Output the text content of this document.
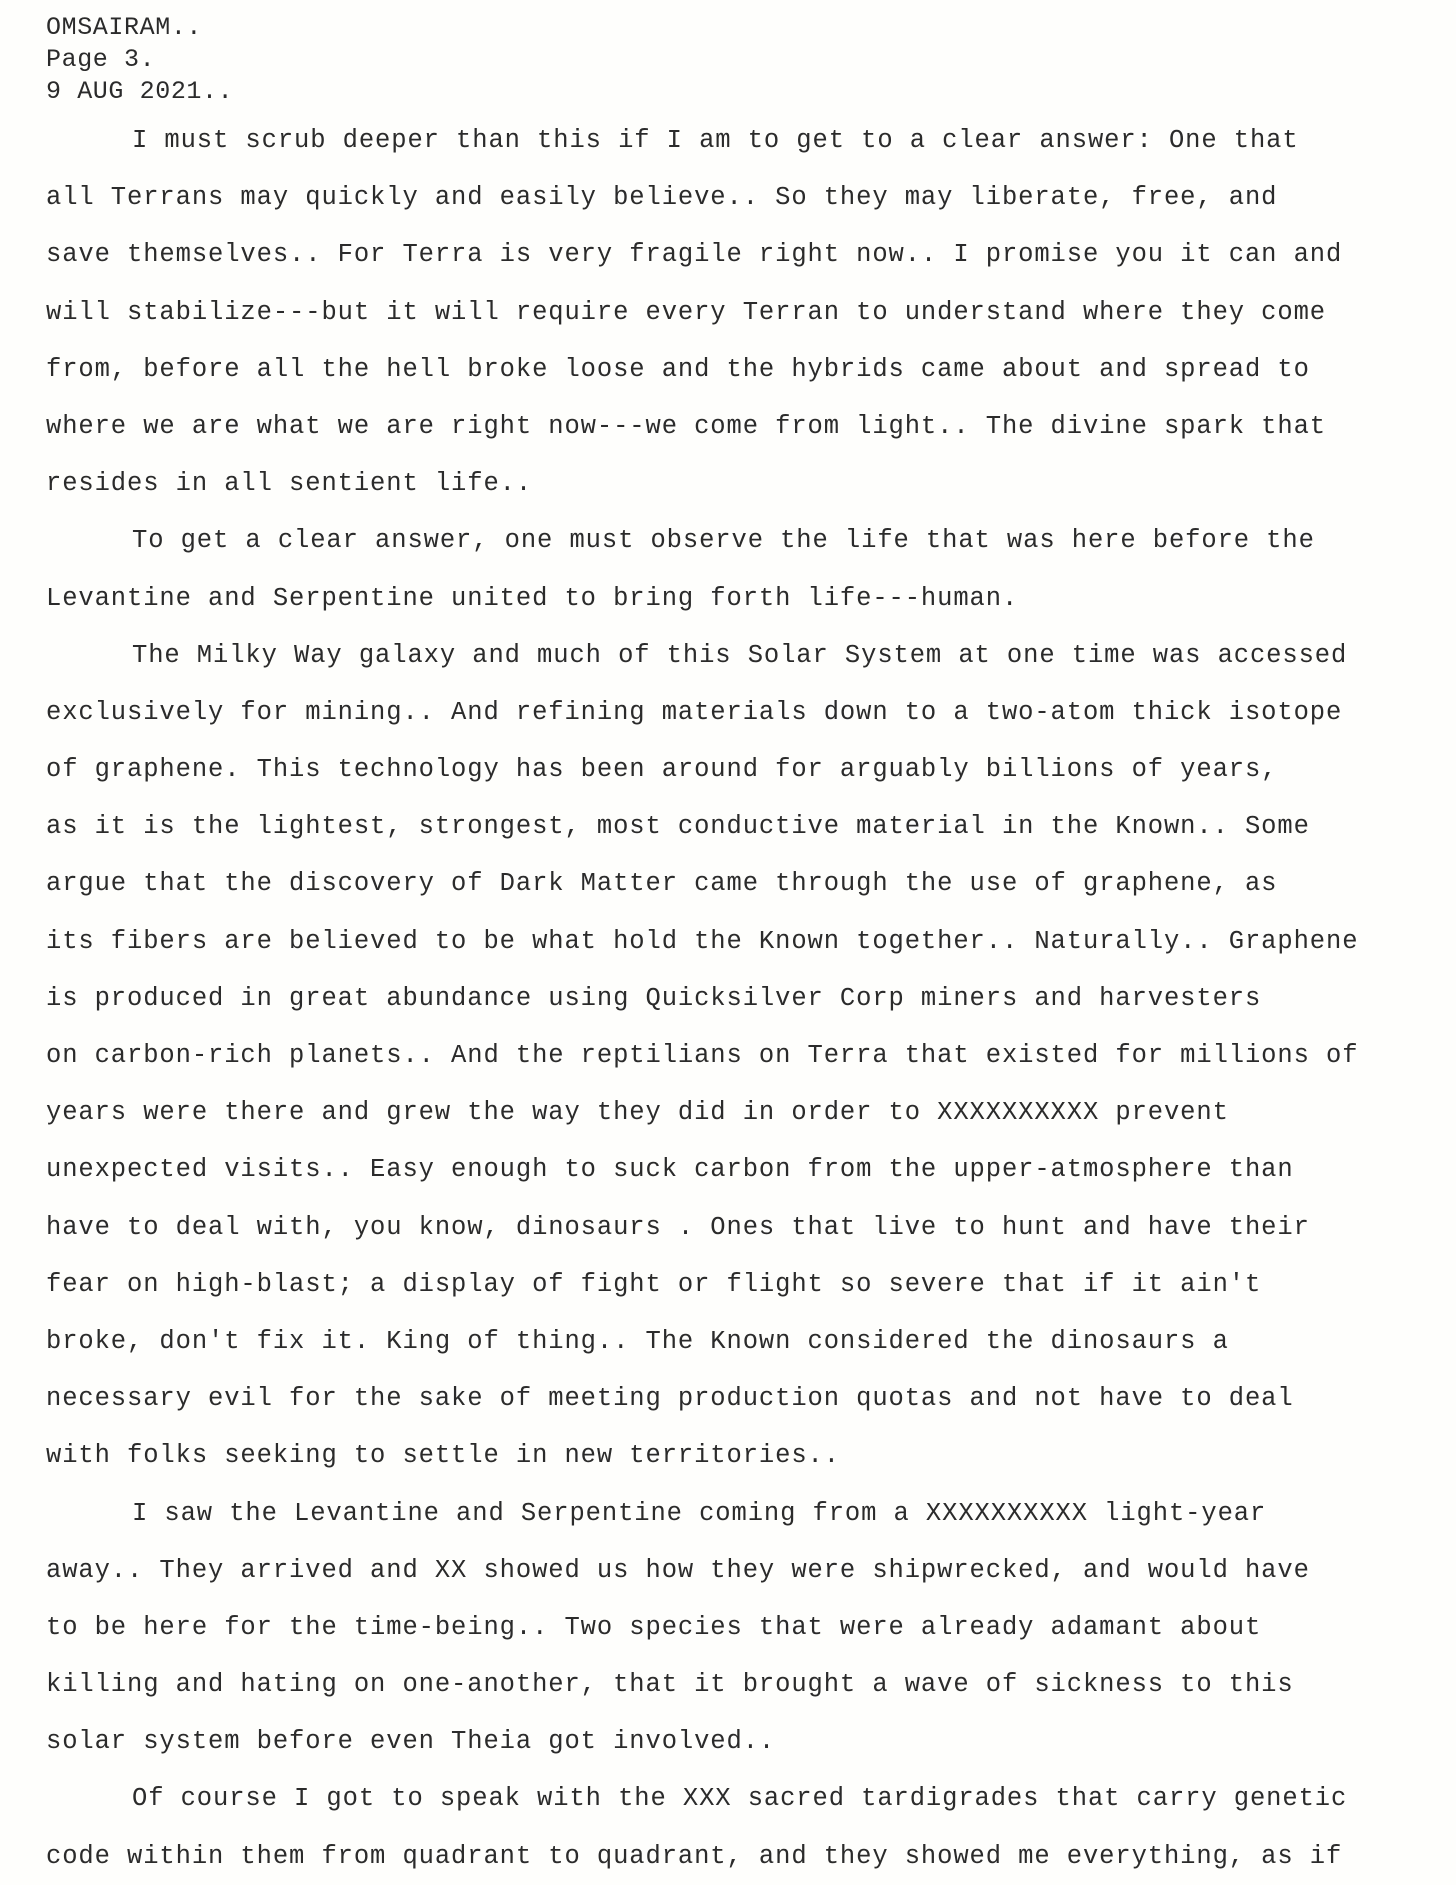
OMSAIRAM..
Page 3.
9 AUG 2021..
I must scrub deeper than this if I am to get to a clear answer: One that
all Terrans may quickly and easily believe.. So they may liberate, free, and
save themselves.. For Terra is very fragile right now.. I promise you it can and
will stabilize---but it will require every Terran to understand where they come
from, before all the hell broke loose and the hybrids came about and spread to
where we are what we are right now---we come from light.. The divine spark that
resides in all sentient life..
To get a clear answer, one must observe the life that was here before the
Levantine and Serpentine united to bring forth life---human.
The Milky Way galaxy and much of this Solar System at one time was accessed
exclusively for mining.. And refining materials down to a two-atom thick isotope
of graphene. This technology has been around for arguably billions of years,
as it is the lightest, strongest, most conductive material in the Known.. Some
argue that the discovery of Dark Matter came through the use of graphene, as
its fibers are believed to be what hold the Known together.. Naturally.. Graphene
is produced in great abundance using Quicksilver Corp miners and harvesters
on carbon-rich planets.. And the reptilians on Terra that existed for millions of
years were there and grew the way they did in order to XXXXXXXXXX prevent
unexpected visits.. Easy enough to suck carbon from the upper-atmosphere than
have to deal with, you know, dinosaurs . Ones that live to hunt and have their
fear on high-blast; a display of fight or flight so severe that if it ain't
broke, don't fix it. King of thing.. The Known considered the dinosaurs a
necessary evil for the sake of meeting production quotas and not have to deal
with folks seeking to settle in new territories..
I saw the Levantine and Serpentine coming from a XXXXXXXXXX light-year
away.. They arrived and XX showed us how they were shipwrecked, and would have
to be here for the time-being.. Two species that were already adamant about
killing and hating on one-another, that it brought a wave of sickness to this
solar system before even Theia got involved..
Of course I got to speak with the XXX sacred tardigrades that carry genetic
code within them from quadrant to quadrant, and they showed me everything, as if
